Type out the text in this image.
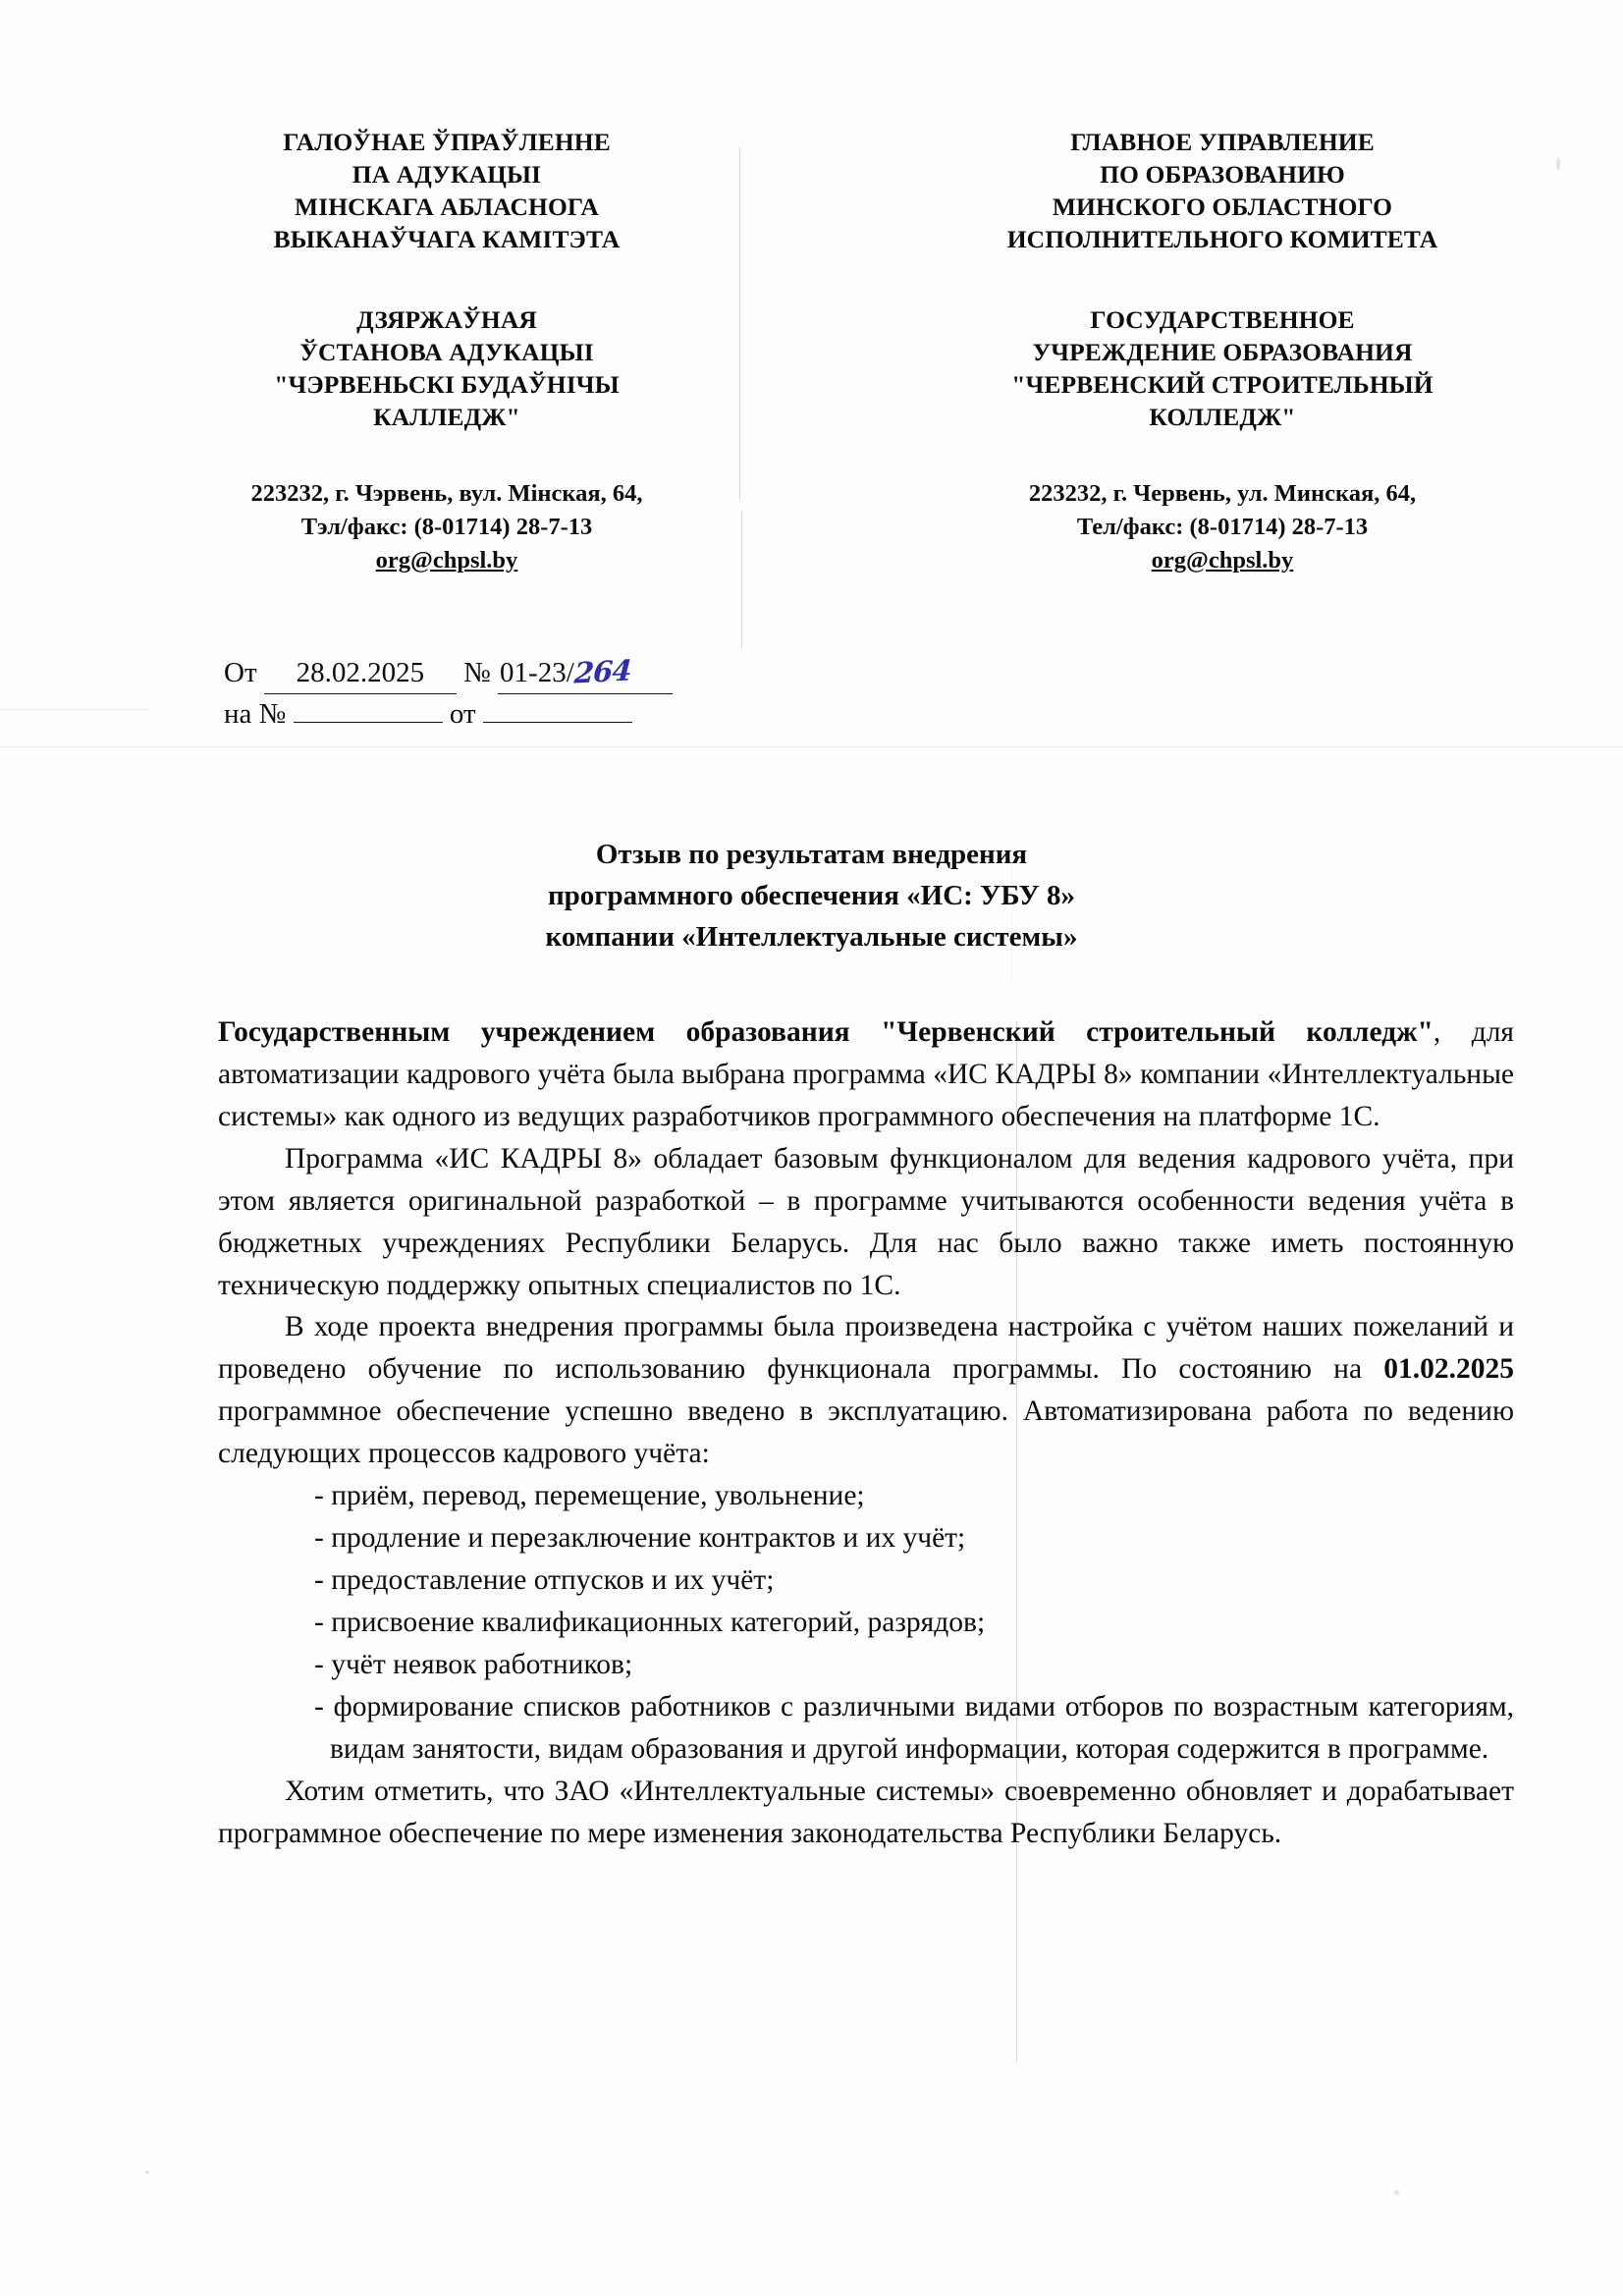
ГАЛОЎНАЕ ЎПРАЎЛЕННЕ
ПА АДУКАЦЫІ
МІНСКАГА АБЛАСНОГА
ВЫКАНАЎЧАГА КАМІТЭТА
ДЗЯРЖАЎНАЯ
ЎСТАНОВА АДУКАЦЫІ
"ЧЭРВЕНЬСКІ БУДАЎНІЧЫ
КАЛЛЕДЖ"
223232, г. Чэрвень, вул. Мінская, 64,
Тэл/факс: (8-01714) 28-7-13
org@chpsl.by
ГЛАВНОЕ УПРАВЛЕНИЕ
ПО ОБРАЗОВАНИЮ
МИНСКОГО ОБЛАСТНОГО
ИСПОЛНИТЕЛЬНОГО КОМИТЕТА
ГОСУДАРСТВЕННОЕ
УЧРЕЖДЕНИЕ ОБРАЗОВАНИЯ
"ЧЕРВЕНСКИЙ СТРОИТЕЛЬНЫЙ
КОЛЛЕДЖ"
223232, г. Червень, ул. Минская, 64,
Тел/факс: (8-01714) 28-7-13
org@chpsl.by
От 28.02.2025 № 01-23/264
на №	от
Отзыв по результатам внедрения
программного обеспечения «ИС: УБУ 8»
компании «Интеллектуальные системы»

Государственным учреждением образования "Червенский строительный колледж", для автоматизации кадрового учёта была выбрана программа «ИС КАДРЫ 8» компании «Интеллектуальные системы» как одного из ведущих разработчиков программного обеспечения на платформе 1С.

Программа «ИС КАДРЫ 8» обладает базовым функционалом для ведения кадрового учёта, при этом является оригинальной разработкой – в программе учитываются особенности ведения учёта в бюджетных учреждениях Республики Беларусь. Для нас было важно также иметь постоянную техническую поддержку опытных специалистов по 1С.

В ходе проекта внедрения программы была произведена настройка с учётом наших пожеланий и проведено обучение по использованию функционала программы. По состоянию на 01.02.2025 программное обеспечение успешно введено в эксплуатацию. Автоматизирована работа по ведению следующих процессов кадрового учёта:

- приём, перевод, перемещение, увольнение;
- продление и перезаключение контрактов и их учёт;
- предоставление отпусков и их учёт;
- присвоение квалификационных категорий, разрядов;
- учёт неявок работников;
- формирование списков работников с различными видами отборов по возрастным категориям, видам занятости, видам образования и другой информации, которая содержится в программе.

Хотим отметить, что ЗАО «Интеллектуальные системы» своевременно обновляет и дорабатывает программное обеспечение по мере изменения законодательства Республики Беларусь.
